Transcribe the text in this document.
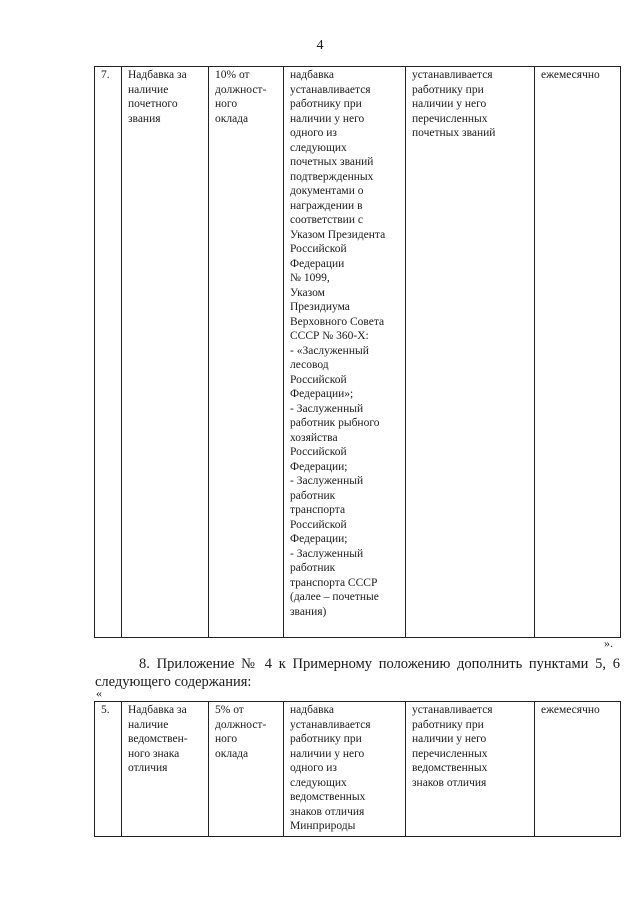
4
7.	Надбавка за
наличие
почетного
звания	10% от
должност-
ного
оклада	надбавка
устанавливается
работнику при
наличии у него
одного из
следующих
почетных званий
подтвержденных
документами о
награждении в
соответствии с
Указом Президента
Российской
Федерации
№ 1099,
Указом
Президиума
Верховного Совета
СССР № 360-Х:
- «Заслуженный
лесовод
Российской
Федерации»;
- Заслуженный
работник рыбного
хозяйства
Российской
Федерации;
- Заслуженный
работник
транспорта
Российской
Федерации;
- Заслуженный
работник
транспорта СССР
(далее – почетные
звания)	устанавливается
работнику при
наличии у него
перечисленных
почетных званий	ежемесячно
».
8. Приложение № 4 к Примерному положению дополнить пунктами 5, 6 следующего содержания:
«
5.	Надбавка за
наличие
ведомствен-
ного знака
отличия	5% от
должност-
ного
оклада	надбавка
устанавливается
работнику при
наличии у него
одного из
следующих
ведомственных
знаков отличия
Минприроды	устанавливается
работнику при
наличии у него
перечисленных
ведомственных
знаков отличия	ежемесячно
